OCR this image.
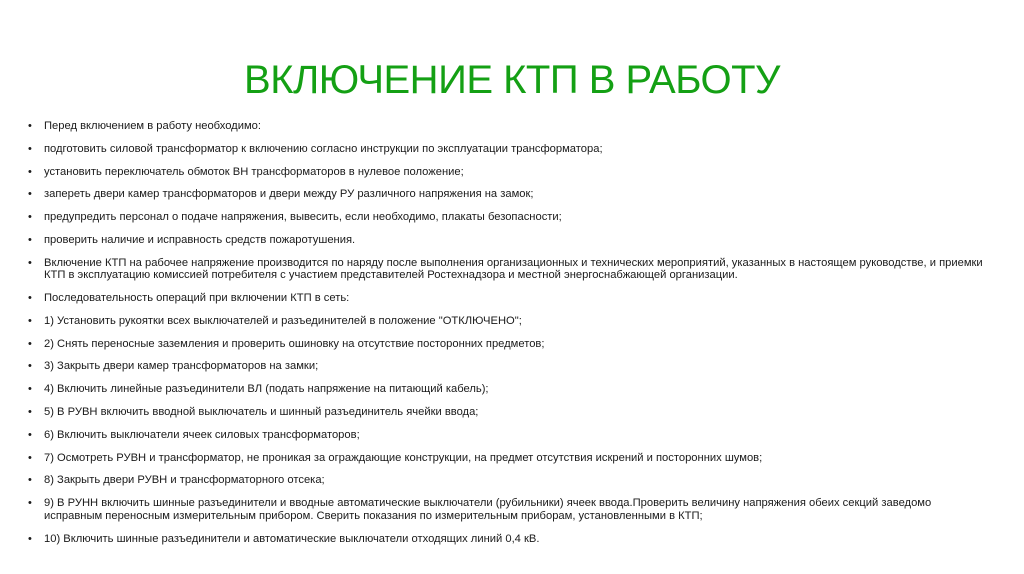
ВКЛЮЧЕНИЕ КТП В РАБОТУ
• Перед включением в работу необходимо:
• подготовить силовой трансформатор к включению согласно инструкции по эксплуатации трансформатора;
• установить переключатель обмоток ВН трансформаторов в нулевое положение;
• запереть двери камер трансформаторов и двери между РУ различного напряжения на замок;
• предупредить персонал о подаче напряжения, вывесить, если необходимо, плакаты безопасности;
• проверить наличие и исправность средств пожаротушения.
• Включение КТП на рабочее напряжение производится по наряду после выполнения организационных и технических мероприятий, указанных в настоящем руководстве, и приемки КТП в эксплуатацию комиссией потребителя с участием представителей Ростехнадзора и местной энергоснабжающей организации.
• Последовательность операций при включении КТП в сеть:
• 1) Установить рукоятки всех выключателей и разъединителей в положение "ОТКЛЮЧЕНО";
• 2) Снять переносные заземления и проверить ошиновку на отсутствие посторонних предметов;
• 3) Закрыть двери камер трансформаторов на замки;
• 4) Включить линейные разъединители ВЛ (подать напряжение на питающий кабель);
• 5) В РУВН включить вводной выключатель и шинный разъединитель ячейки ввода;
• 6) Включить выключатели ячеек силовых трансформаторов;
• 7) Осмотреть РУВН и трансформатор, не проникая за ограждающие конструкции, на предмет отсутствия искрений и посторонних шумов;
• 8) Закрыть двери РУВН и трансформаторного отсека;
• 9) В РУНН включить шинные разъединители и вводные автоматические выключатели (рубильники) ячеек ввода.Проверить величину напряжения обеих секций заведомо исправным переносным измерительным прибором. Сверить показания по измерительным приборам, установленными в КТП;
• 10) Включить шинные разъединители и автоматические выключатели отходящих линий 0,4 кВ.
